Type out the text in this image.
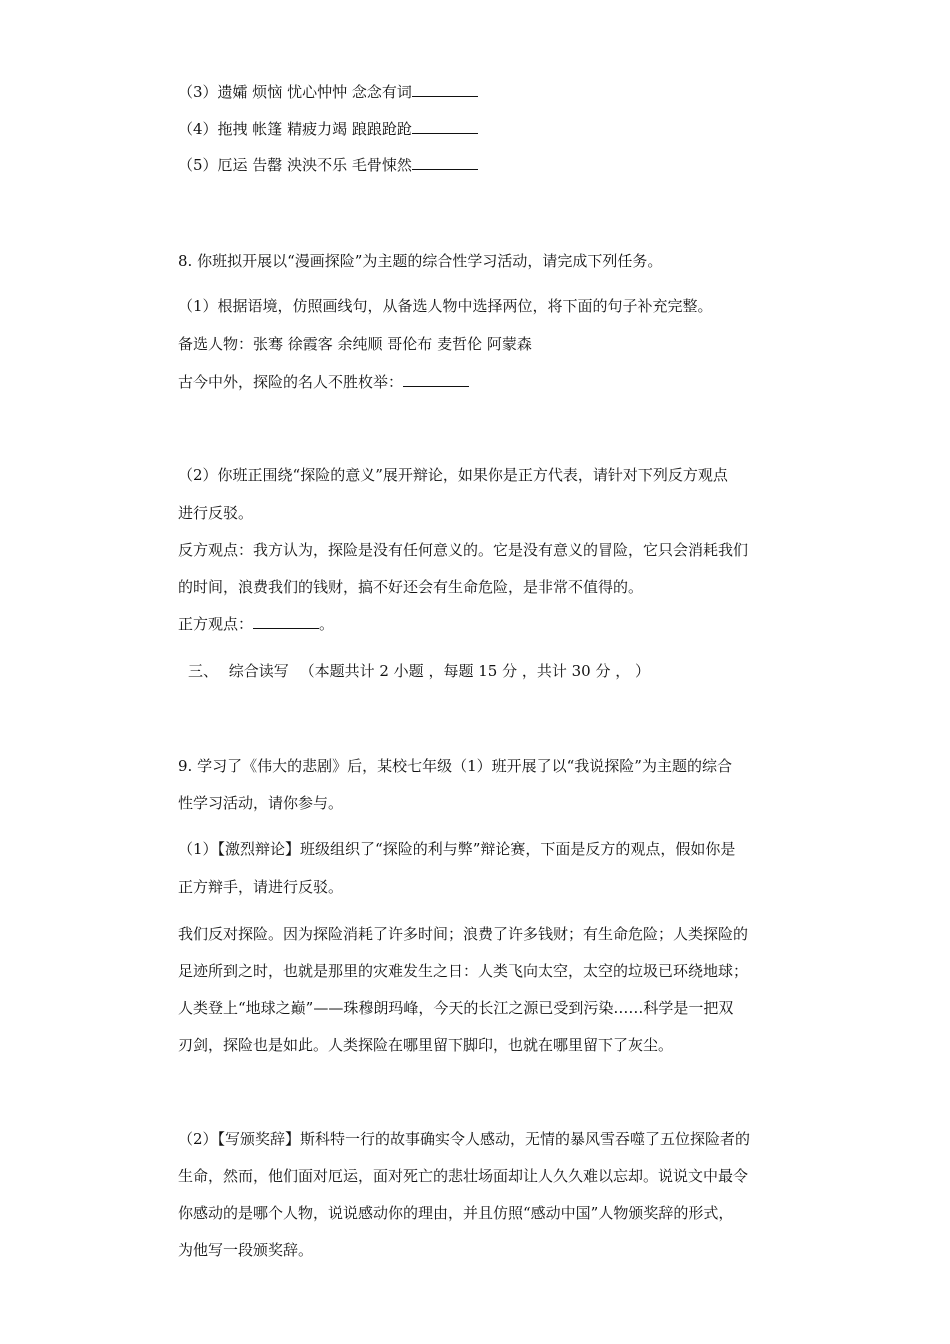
（3）遗孀 烦恼 忧心忡忡 念念有词
（4）拖拽 帐篷 精疲力竭 踉踉跄跄
（5）厄运 告罄 泱泱不乐 毛骨悚然
8. 你班拟开展以“漫画探险”为主题的综合性学习活动，请完成下列任务。
（1）根据语境，仿照画线句，从备选人物中选择两位，将下面的句子补充完整。
备选人物：张骞 徐霞客 余纯顺 哥伦布 麦哲伦 阿蒙森
古今中外，探险的名人不胜枚举：
（2）你班正围绕“探险的意义”展开辩论，如果你是正方代表，请针对下列反方观点
进行反驳。
反方观点：我方认为，探险是没有任何意义的。它是没有意义的冒险，它只会消耗我们
的时间，浪费我们的钱财，搞不好还会有生命危险，是非常不值得的。
正方观点：	。
三、 综合读写 （本题共计 2 小题 ，每题 15 分 ，共计 30 分 ， ）
9. 学习了《伟大的悲剧》后，某校七年级（1）班开展了以“我说探险”为主题的综合
性学习活动，请你参与。
（1）【激烈辩论】班级组织了“探险的利与弊”辩论赛，下面是反方的观点，假如你是
正方辩手，请进行反驳。
我们反对探险。因为探险消耗了许多时间；浪费了许多钱财；有生命危险；人类探险的
足迹所到之时，也就是那里的灾难发生之日：人类飞向太空，太空的垃圾已环绕地球；
人类登上“地球之巅”——珠穆朗玛峰，今天的长江之源已受到污染……科学是一把双
刃剑，探险也是如此。人类探险在哪里留下脚印，也就在哪里留下了灰尘。
（2）【写颁奖辞】斯科特一行的故事确实令人感动，无情的暴风雪吞噬了五位探险者的
生命，然而，他们面对厄运，面对死亡的悲壮场面却让人久久难以忘却。说说文中最令
你感动的是哪个人物，说说感动你的理由，并且仿照“感动中国”人物颁奖辞的形式，
为他写一段颁奖辞。
